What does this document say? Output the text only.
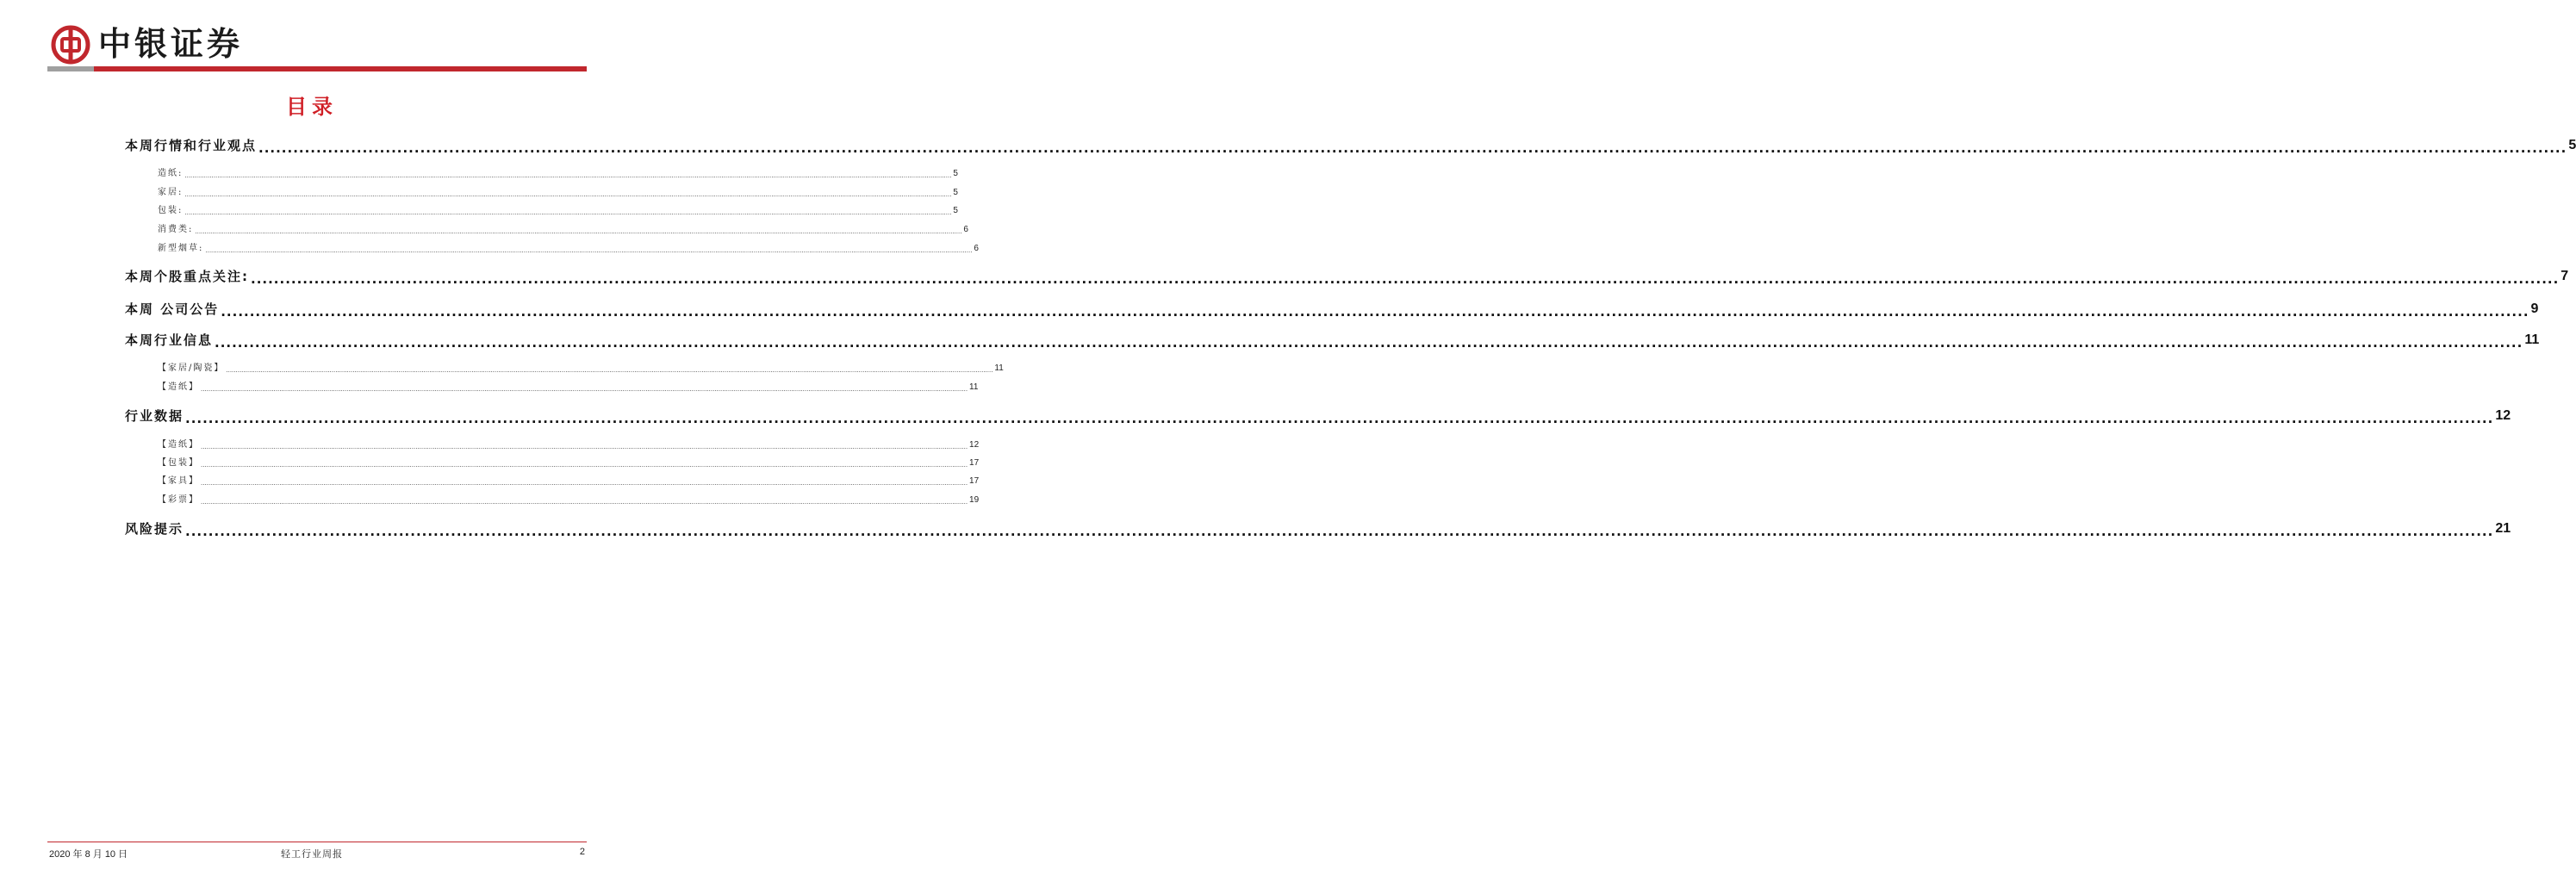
中银证券
目录
本周行情和行业观点 ................................................................................................................................................................................................................................................................................................................................................................................................................ 5
造纸: ................................................................................................................................................................................................................................................................................................................................................................................................................ 5
家居: ................................................................................................................................................................................................................................................................................................................................................................................................................ 5
包装: ................................................................................................................................................................................................................................................................................................................................................................................................................ 5
消费类: ................................................................................................................................................................................................................................................................................................................................................................................................................ 6
新型烟草: ................................................................................................................................................................................................................................................................................................................................................................................................................ 6
本周个股重点关注: ................................................................................................................................................................................................................................................................................................................................................................................................................ 7
本周 公司公告 ................................................................................................................................................................................................................................................................................................................................................................................................................ 9
本周行业信息 ................................................................................................................................................................................................................................................................................................................................................................................................................ 11
【家居/陶瓷】 ................................................................................................................................................................................................................................................................................................................................................................................................................ 11
【造纸】 ................................................................................................................................................................................................................................................................................................................................................................................................................ 11
行业数据 ................................................................................................................................................................................................................................................................................................................................................................................................................ 12
【造纸】 ................................................................................................................................................................................................................................................................................................................................................................................................................ 12
【包装】 ................................................................................................................................................................................................................................................................................................................................................................................................................ 17
【家具】 ................................................................................................................................................................................................................................................................................................................................................................................................................ 17
【彩票】 ................................................................................................................................................................................................................................................................................................................................................................................................................ 19
风险提示 ................................................................................................................................................................................................................................................................................................................................................................................................................ 21
2020 年 8 月 10 日	轻工行业周报	2
